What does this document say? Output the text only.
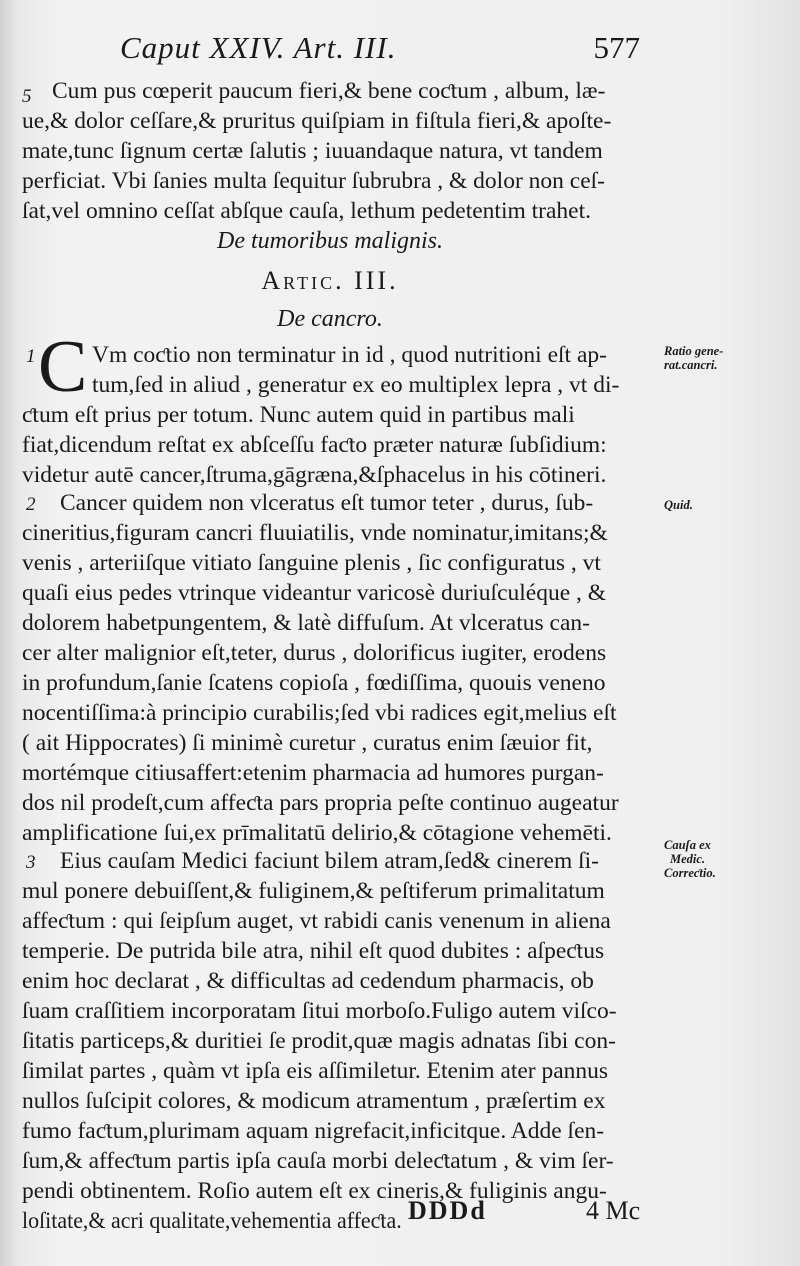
Caput XXIV. Art. III.	577
5 Cum pus cœperit paucum fieri,& bene coƈtum , album, læ-
ue,& dolor ceſſare,& pruritus quiſpiam in fiſtula fieri,& apoſte-
mate,tunc ſignum certæ ſalutis ; iuuandaque natura, vt tandem
perficiat. Vbi ſanies multa ſequitur ſubrubra , & dolor non ceſ-
ſat,vel omnino ceſſat abſque cauſa, lethum pedetentim trahet.
De tumoribus malignis.
Artic. III.
De cancro.
1 C Vm coƈtio non terminatur in id , quod nutritioni eſt ap-
tum,ſed in aliud , generatur ex eo multiplex lepra , vt di-
ƈtum eſt prius per totum. Nunc autem quid in partibus mali
fiat,dicendum reſtat ex abſceſſu faƈto præter naturæ ſubſidium:
videtur autē cancer,ſtruma,gāgræna,&ſphacelus in his cōtineri.
2 Cancer quidem non vlceratus eſt tumor teter , durus, ſub-
cineritius,figuram cancri fluuiatilis, vnde nominatur,imitans;&
venis , arteriiſque vitiato ſanguine plenis , ſic configuratus , vt
quaſi eius pedes vtrinque videantur varicosè duriuſculéque , &
dolorem habetpungentem, & latè diffuſum. At vlceratus can-
cer alter malignior eſt,teter, durus , dolorificus iugiter, erodens
in profundum,ſanie ſcatens copioſa , fœdiſſima, quouis veneno
nocentiſſima:à principio curabilis;ſed vbi radices egit,melius eſt
( ait Hippocrates) ſi minimè curetur , curatus enim ſæuior fit,
mortémque citiusaffert:etenim pharmacia ad humores purgan-
dos nil prodeſt,cum affeƈta pars propria peſte continuo augeatur
amplificatione ſui,ex prīmalitatū delirio,& cōtagione vehemēti.
3 Eius cauſam Medici faciunt bilem atram,ſed& cinerem ſi-
mul ponere debuiſſent,& fuliginem,& peſtiferum primalitatum
affeƈtum : qui ſeipſum auget, vt rabidi canis venenum in aliena
temperie. De putrida bile atra, nihil eſt quod dubites : aſpeƈtus
enim hoc declarat , & difficultas ad cedendum pharmacis, ob
ſuam craſſitiem incorporatam ſitui morboſo.Fuligo autem viſco-
ſitatis particeps,& duritiei ſe prodit,quæ magis adnatas ſibi con-
ſimilat partes , quàm vt ipſa eis aſſimiletur. Etenim ater pannus
nullos ſuſcipit colores, & modicum atramentum , præſertim ex
fumo faƈtum,plurimam aquam nigrefacit,inficitque. Adde ſen-
ſum,& affeƈtum partis ipſa cauſa morbi deleƈtatum , & vim ſer-
pendi obtinentem. Roſio autem eſt ex cineris,& fuliginis angu-
loſitate,& acri qualitate,vehementia affeƈta.
Ratio gene-
rat.cancri.
Quid.
Cauſa ex
Medic.
Correƈtio.
DDDd	4 Mc
